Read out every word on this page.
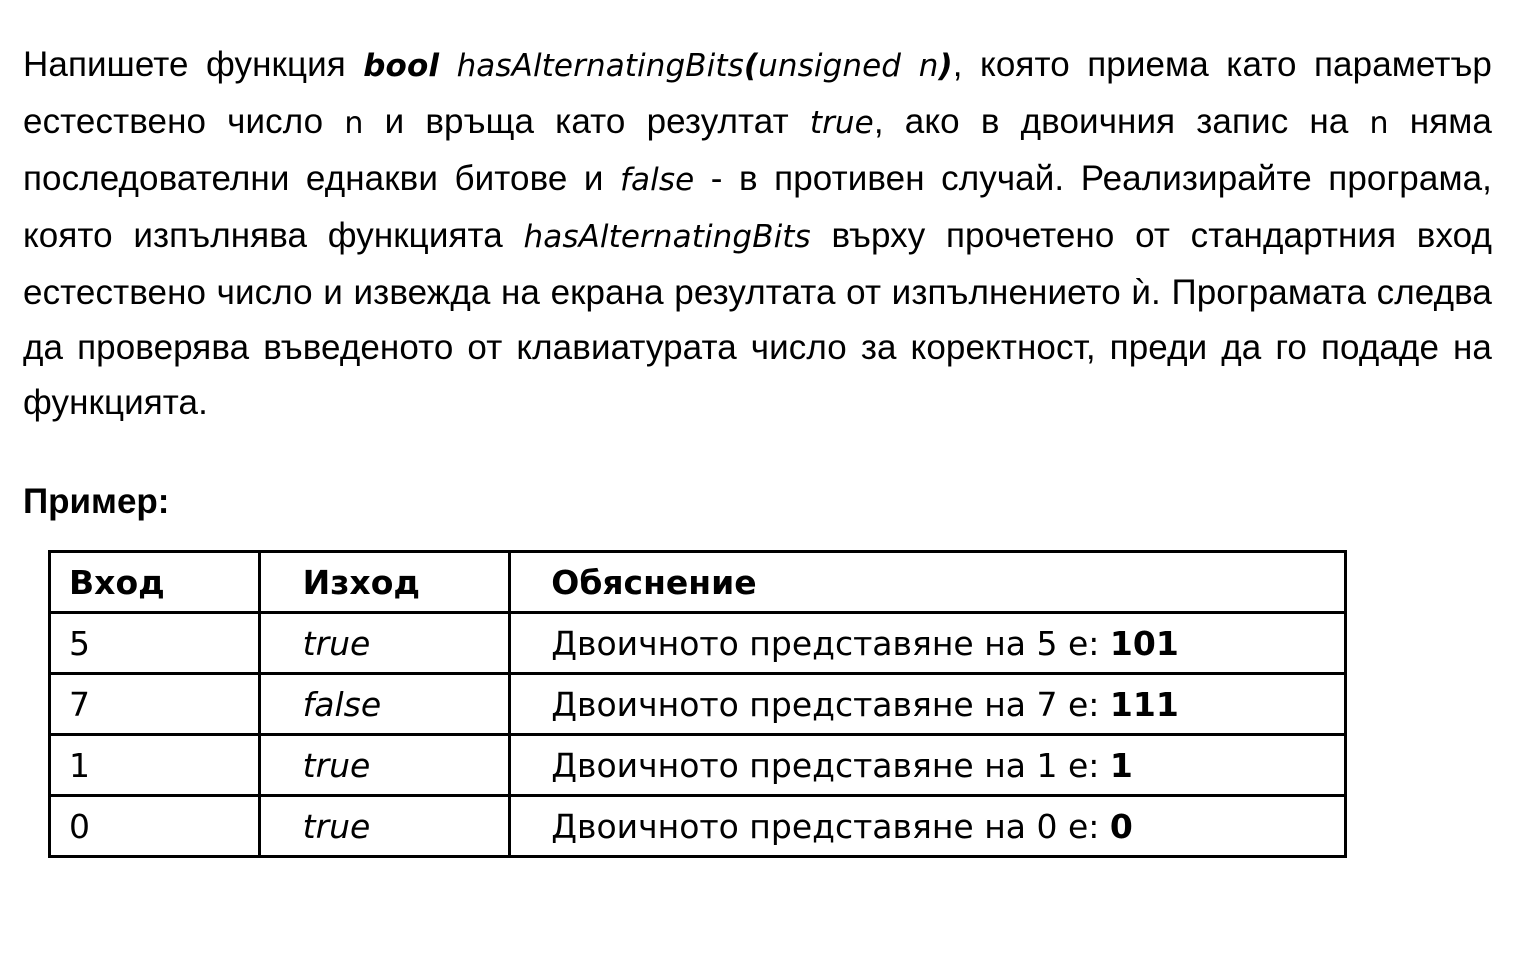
Напишете функция bool hasAlternatingBits(unsigned n), която приема като параметър естествено число n и връща като резултат true, ако в двоичния запис на n няма последователни еднакви битове и false - в противен случай. Реализирайте програма, която изпълнява функцията hasAlternatingBits върху прочетено от стандартния вход естествено число и извежда на екрана резултата от изпълнението ѝ. Програмата следва да проверява въведеното от клавиатурата число за коректност, преди да го подаде на функцията.

Пример:
Вход	Изход	Обяснение
5	true	Двоичното представяне на 5 е: 101
7	false	Двоичното представяне на 7 е: 111
1	true	Двоичното представяне на 1 е: 1
0	true	Двоичното представяне на 0 е: 0
